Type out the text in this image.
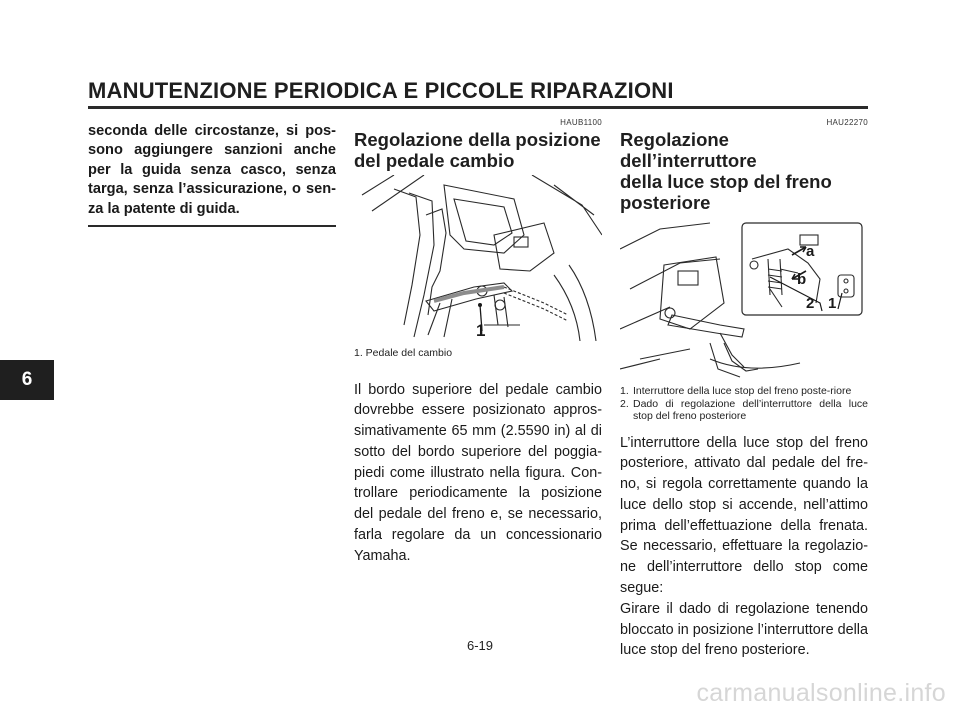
MANUTENZIONE PERIODICA E PICCOLE RIPARAZIONI
6

seconda delle circostanze, si pos-sono aggiungere sanzioni anche per la guida senza casco, senza targa, senza l’assicurazione, o sen-za la patente di guida.

HAUB1100
Regolazione della posizione
del pedale cambio
1

1. Pedale del cambio

Il bordo superiore del pedale cambio dovrebbe essere posizionato appros-simativamente 65 mm (2.5590 in) al di sotto del bordo superiore del poggia-piedi come illustrato nella figura. Con-trollare periodicamente la posizione del pedale del freno e, se necessario, farla regolare da un concessionario Yamaha.

HAU22270
Regolazione dell’interruttore
della luce stop del freno
posteriore
a
b
2 1
1. Interruttore della luce stop del freno poste-riore
2. Dado di regolazione dell’interruttore della luce stop del freno posteriore

L’interruttore della luce stop del freno posteriore, attivato dal pedale del fre-no, si regola correttamente quando la luce dello stop si accende, nell’attimo prima dell’effettuazione della frenata. Se necessario, effettuare la regolazio-ne dell’interruttore dello stop come segue:

Girare il dado di regolazione tenendo bloccato in posizione l’interruttore della luce stop del freno posteriore.

6-19
carmanualsonline.info
